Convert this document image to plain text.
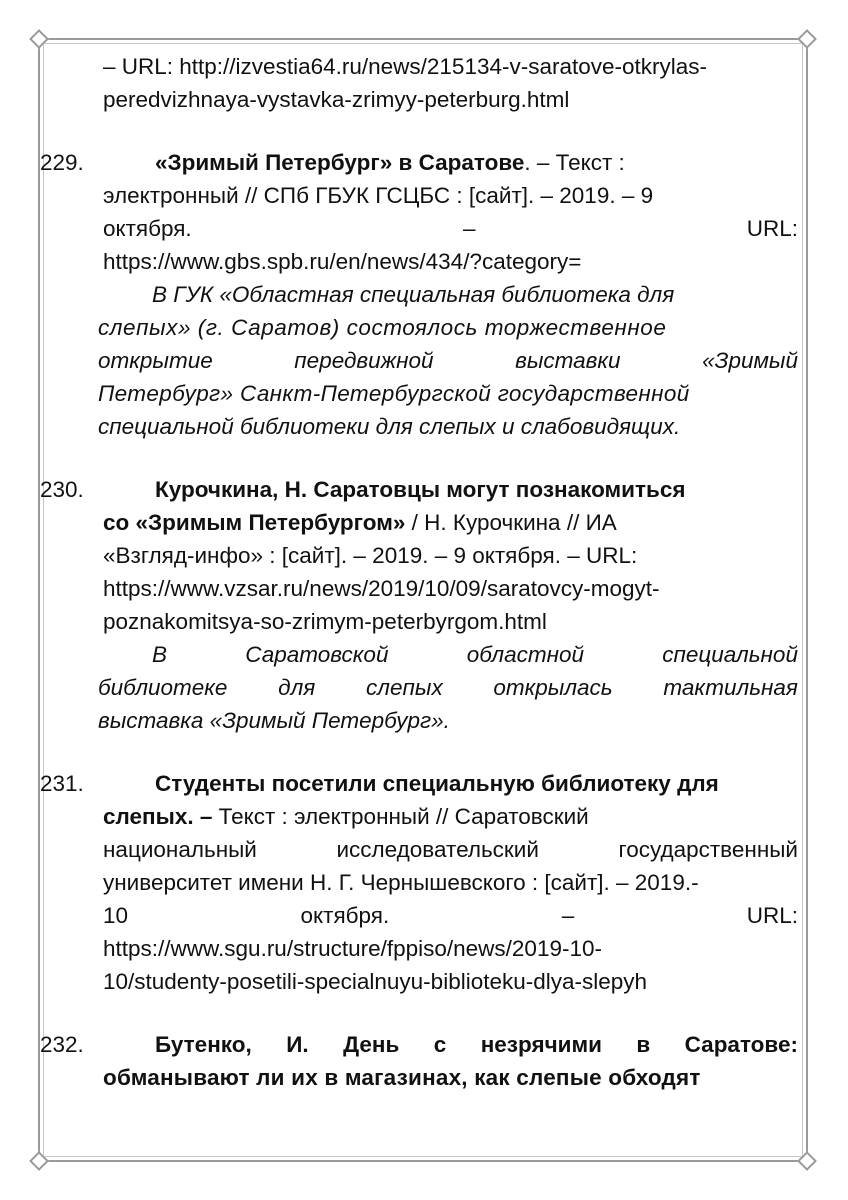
– URL: http://izvestia64.ru/news/215134-v-saratove-otkrylas-
peredvizhnaya-vystavka-zrimyy-peterburg.html
229.	«Зримый Петербург» в Саратове. – Текст :
электронный // СПб ГБУК ГСЦБС : [сайт]. – 2019. – 9
октября.	–	URL:
https://www.gbs.spb.ru/en/news/434/?category=
В ГУК «Областная специальная библиотека для
слепых» (г. Саратов) состоялось торжественное
открытие	передвижной	выставки	«Зримый
Петербург» Санкт-Петербургской государственной
специальной библиотеки для слепых и слабовидящих.
230.	Курочкина, Н. Саратовцы могут познакомиться
со «Зримым Петербургом» / Н. Курочкина // ИА
«Взгляд-инфо» : [сайт]. – 2019. – 9 октября. – URL:
https://www.vzsar.ru/news/2019/10/09/saratovcy-mogyt-
poznakomitsya-so-zrimym-peterbyrgom.html
В	Саратовской	областной	специальной
библиотеке для слепых открылась тактильная
выставка «Зримый Петербург».
231.	Студенты посетили специальную библиотеку для
слепых. – Текст : электронный // Саратовский
национальный	исследовательский	государственный
университет имени Н. Г. Чернышевского : [сайт]. – 2019.-
10	октября.	–	URL:
https://www.sgu.ru/structure/fppiso/news/2019-10-
10/studenty-posetili-specialnuyu-biblioteku-dlya-slepyh
232.	Бутенко, И. День с незрячими в Саратове:
обманывают ли их в магазинах, как слепые обходят
